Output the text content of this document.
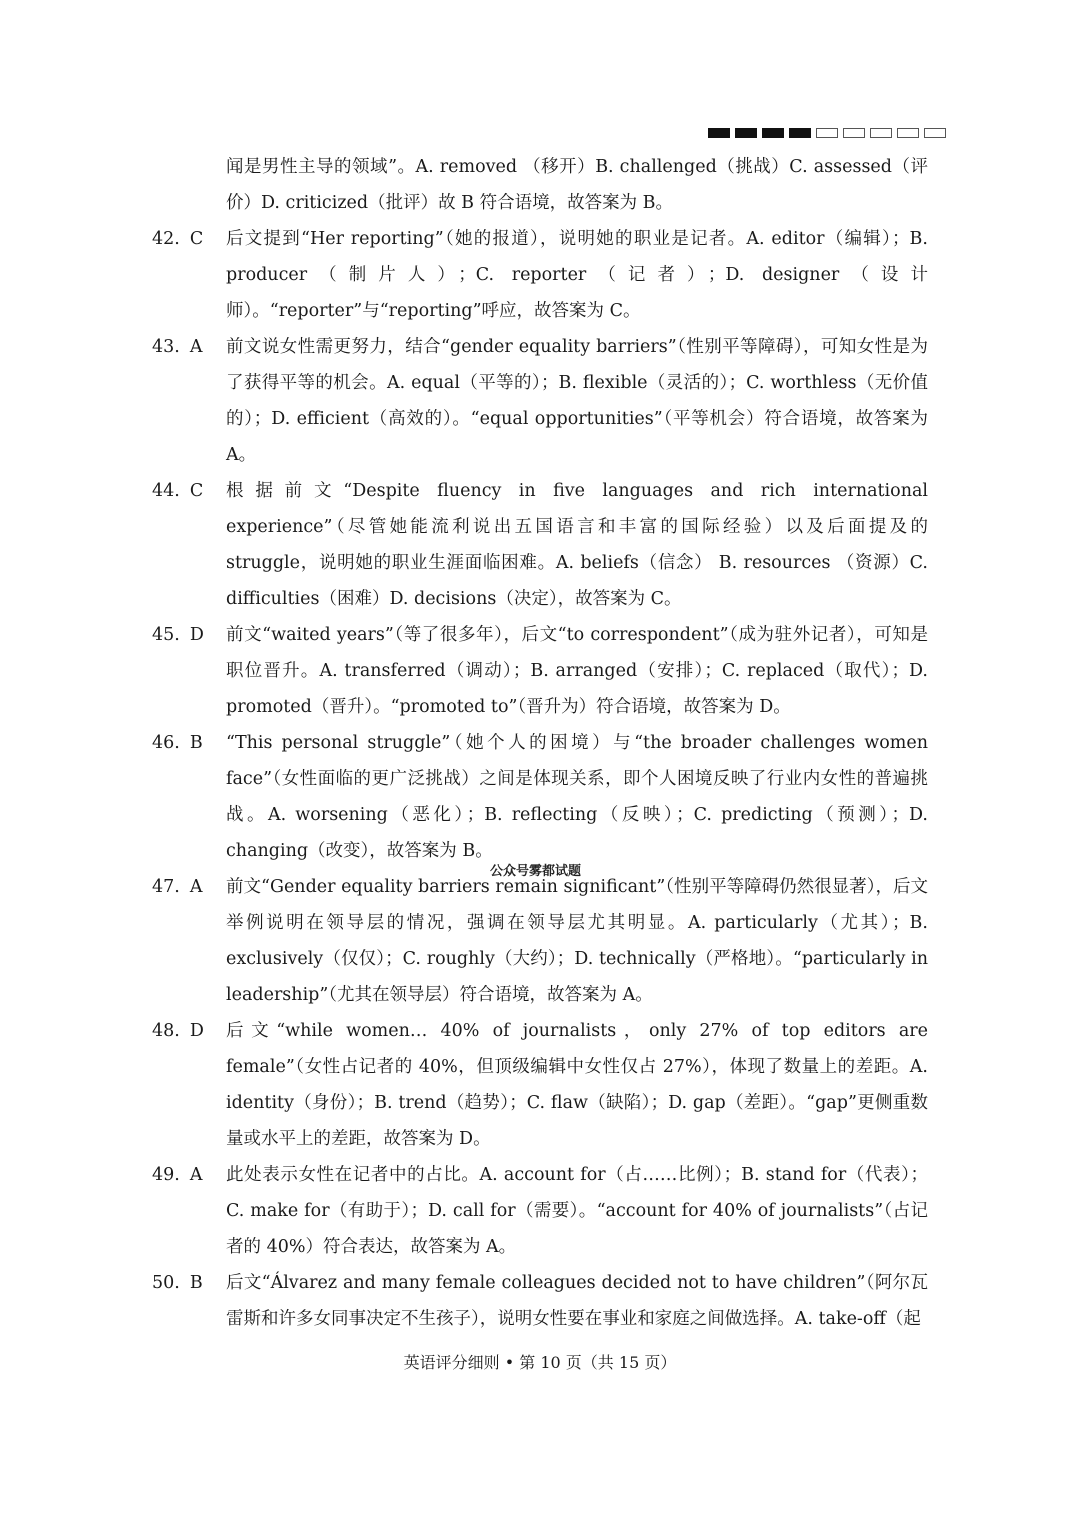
闻是男性主导的领域”。A. removed （移开）B. challenged（挑战）C. assessed（评价）D. criticized（批评）故 B 符合语境，故答案为 B。
42. C 后文提到“Her reporting”（她的报道），说明她的职业是记者。A. editor（编辑）；B. producer（制片人）；C. reporter（记者）；D. designer（设计师）。“reporter”与“reporting”呼应，故答案为 C。
43. A 前文说女性需更努力，结合“gender equality barriers”（性别平等障碍），可知女性是为了获得平等的机会。A. equal（平等的）；B. flexible（灵活的）；C. worthless（无价值的）；D. efficient（高效的）。“equal opportunities”（平等机会）符合语境，故答案为 A。
44. C 根据前文“Despite fluency in five languages and rich international experience”（尽管她能流利说出五国语言和丰富的国际经验）以及后面提及的 struggle，说明她的职业生涯面临困难。A. beliefs（信念） B. resources （资源）C. difficulties（困难）D. decisions（决定），故答案为 C。
45. D 前文“waited years”（等了很多年），后文“to correspondent”（成为驻外记者），可知是职位晋升。A. transferred（调动）；B. arranged（安排）；C. replaced（取代）；D. promoted（晋升）。“promoted to”（晋升为）符合语境，故答案为 D。
46. B “This personal struggle”（她个人的困境）与“the broader challenges women face”（女性面临的更广泛挑战）之间是体现关系，即个人困境反映了行业内女性的普遍挑战。A. worsening（恶化）；B. reflecting（反映）；C. predicting（预测）；D. changing（改变），故答案为 B。
47. A 前文“Gender equality barriers remain significant”（性别平等障碍仍然很显著），后文举例说明在领导层的情况，强调在领导层尤其明显。A. particularly（尤其）；B. exclusively（仅仅）；C. roughly（大约）；D. technically（严格地）。“particularly in leadership”（尤其在领导层）符合语境，故答案为 A。
48. D 后文“while women… 40% of journalists，only 27% of top editors are female”（女性占记者的 40%，但顶级编辑中女性仅占 27%），体现了数量上的差距。A. identity（身份）；B. trend（趋势）；C. flaw（缺陷）；D. gap（差距）。“gap”更侧重数量或水平上的差距，故答案为 D。
49. A 此处表示女性在记者中的占比。A. account for（占……比例）；B. stand for（代表）；C. make for（有助于）；D. call for（需要）。“account for 40% of journalists”（占记者的 40%）符合表达，故答案为 A。
50. B 后文“Álvarez and many female colleagues decided not to have children”（阿尔瓦雷斯和许多女同事决定不生孩子），说明女性要在事业和家庭之间做选择。A. take-off（起
公众号雾都试题
英语评分细则 • 第 10 页（共 15 页）
